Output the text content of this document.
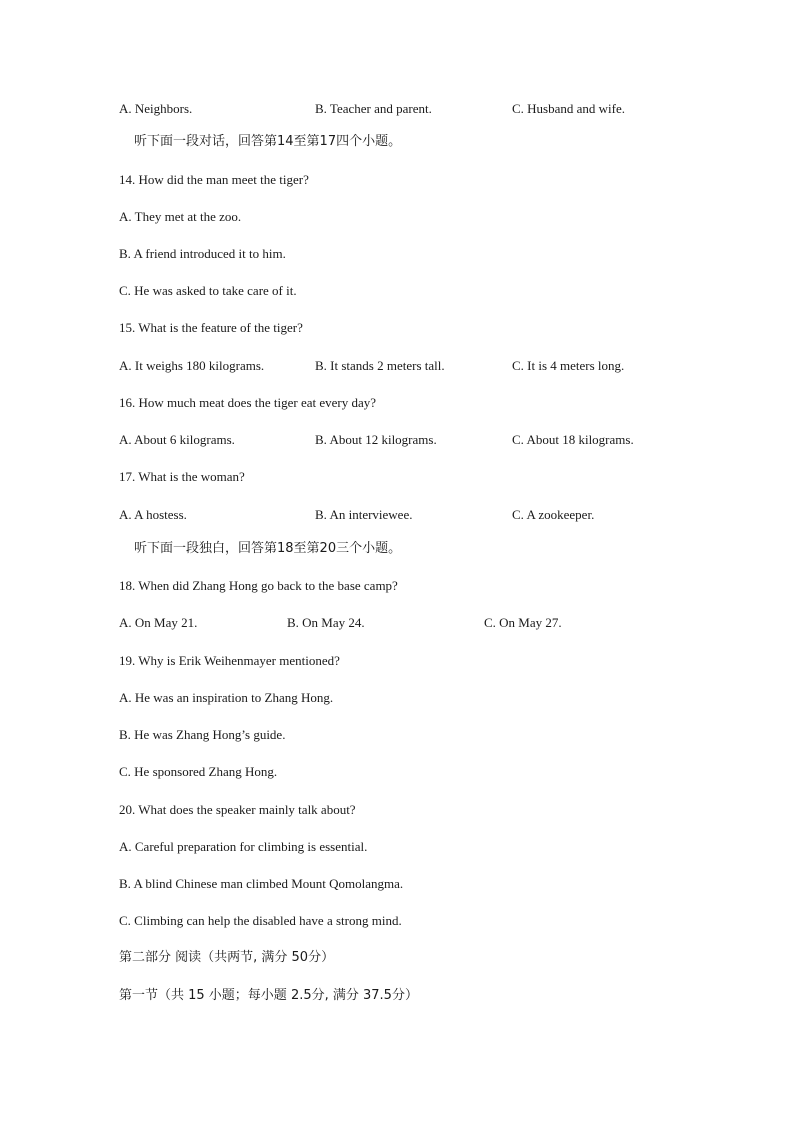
A. Neighbors.	B. Teacher and parent.	C. Husband and wife.
听下面一段对话，回答第14至第17四个小题。
14. How did the man meet the tiger?
A. They met at the zoo.
B. A friend introduced it to him.
C. He was asked to take care of it.
15. What is the feature of the tiger?
A. It weighs 180 kilograms.	B. It stands 2 meters tall.	C. It is 4 meters long.
16. How much meat does the tiger eat every day?
A. About 6 kilograms.	B. About 12 kilograms.	C. About 18 kilograms.
17. What is the woman?
A. A hostess.	B. An interviewee.	C. A zookeeper.
听下面一段独白，回答第18至第20三个小题。
18. When did Zhang Hong go back to the base camp?
A. On May 21.	B. On May 24.	C. On May 27.
19. Why is Erik Weihenmayer mentioned?
A. He was an inspiration to Zhang Hong.
B. He was Zhang Hong’s guide.
C. He sponsored Zhang Hong.
20. What does the speaker mainly talk about?
A. Careful preparation for climbing is essential.
B. A blind Chinese man climbed Mount Qomolangma.
C. Climbing can help the disabled have a strong mind.
第二部分 阅读（共两节, 满分 50分）
第一节（共 15 小题；每小题 2.5分, 满分 37.5分）
